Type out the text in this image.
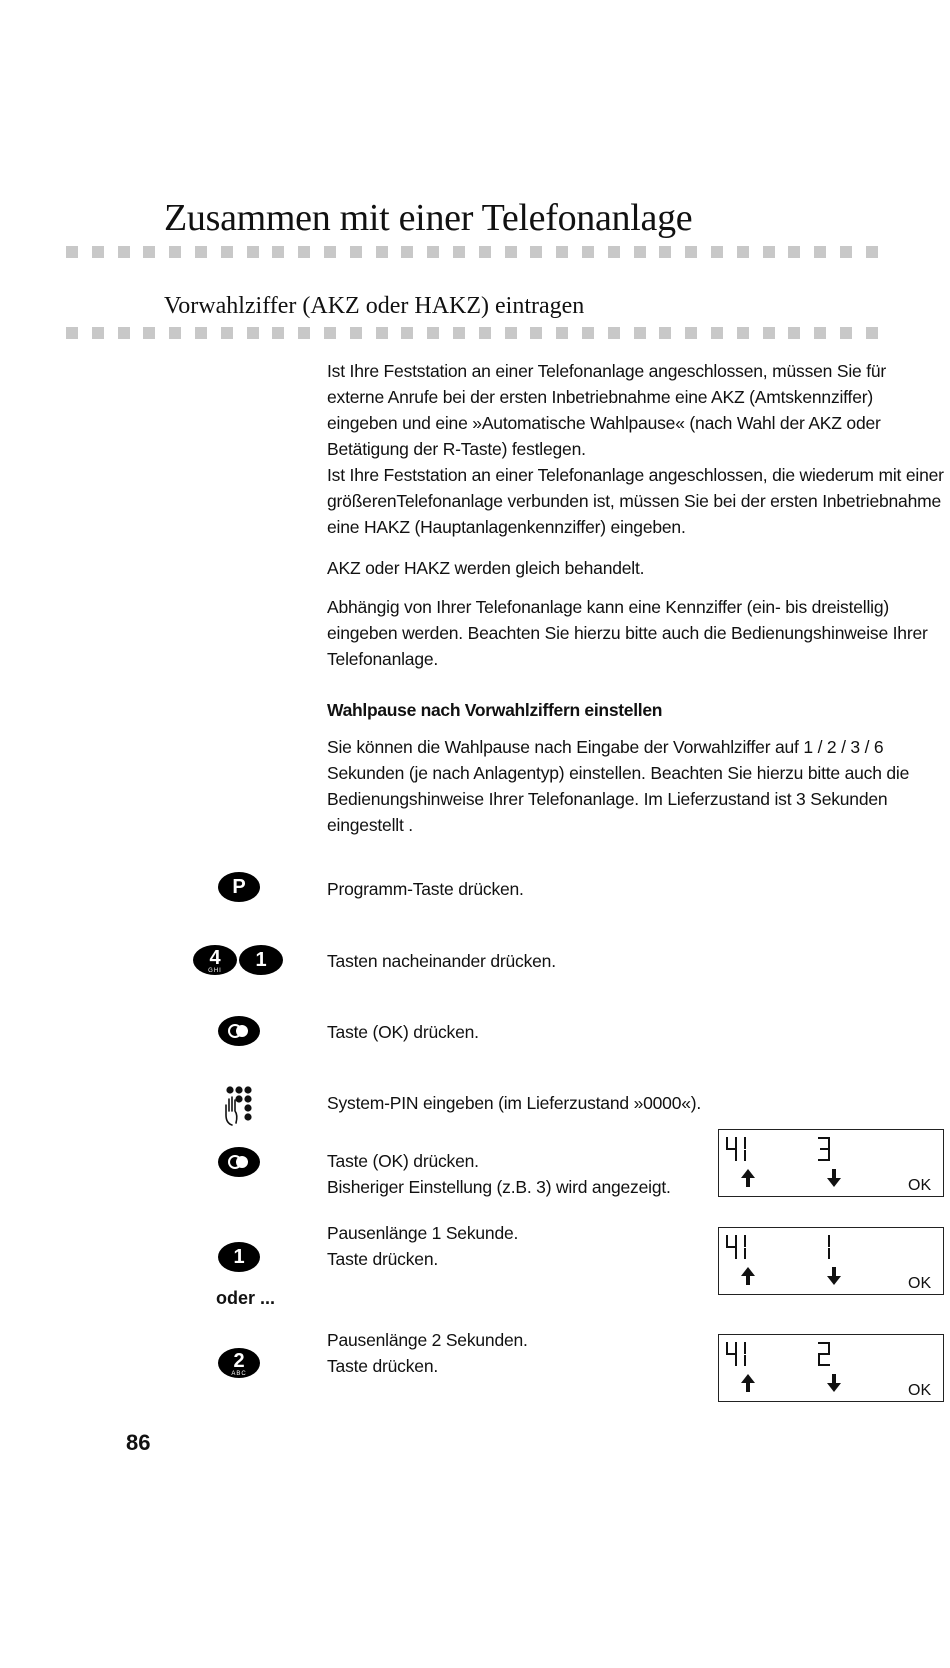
Zusammen mit einer Telefonanlage
Vorwahlziffer (AKZ oder HAKZ) eintragen

Ist Ihre Feststation an einer Telefonanlage angeschlossen, müssen Sie für externe Anrufe bei der ersten Inbetriebnahme eine AKZ (Amtskennziffer) eingeben und eine »Automatische Wahlpause« (nach Wahl der AKZ oder Betätigung der R-Taste) festlegen.

Ist Ihre Feststation an einer Telefonanlage angeschlossen, die wiederum mit einer größerenTelefonanlage verbunden ist, müssen Sie bei der ersten Inbetriebnahme eine HAKZ (Hauptanlagenkennziffer) eingeben.

AKZ oder HAKZ werden gleich behandelt.

Abhängig von Ihrer Telefonanlage kann eine Kennziffer (ein- bis dreistellig) eingeben werden. Beachten Sie hierzu bitte auch die Bedienungshinweise Ihrer Telefonanlage.

Wahlpause nach Vorwahlziffern einstellen

Sie können die Wahlpause nach Eingabe der Vorwahlziffer auf 1 / 2 / 3 / 6 Sekunden (je nach Anlagentyp) einstellen. Beachten Sie hierzu bitte auch die Bedienungshinweise Ihrer Telefonanlage. Im Lieferzustand ist 3 Sekunden eingestellt .

P	Programm-Taste drücken.

4
GHI 1	Tasten nacheinander drücken.

Taste (OK) drücken.

System-PIN eingeben (im Lieferzustand »0000«).

Taste (OK) drücken.

Bisheriger Einstellung (z.B. 3) wird angezeigt.	OK

Pausenlänge 1 Sekunde.

Taste drücken.

1
oder ...
OK

Pausenlänge 2 Sekunden.

Taste drücken.

2
ABC
OK
86
